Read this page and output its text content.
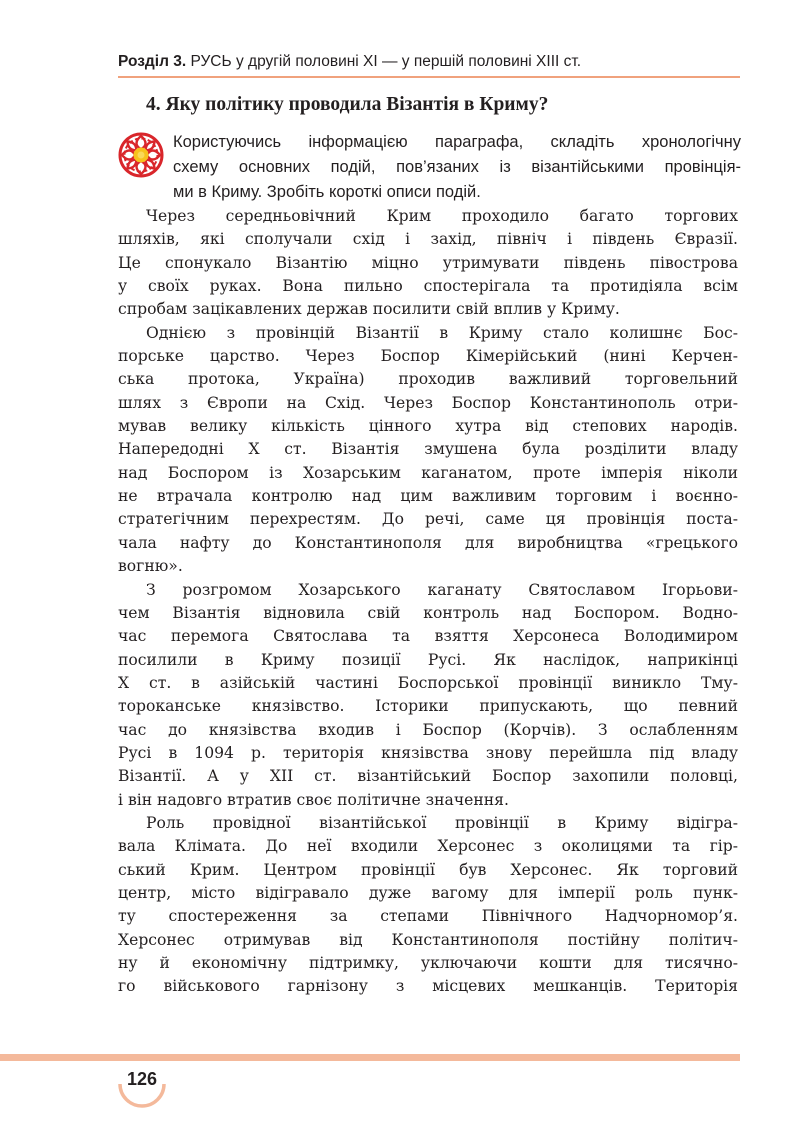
Розділ 3. РУСЬ у другій половині XI — у першій половині XIII ст.
4. Яку політику проводила Візантія в Криму?
Користуючись інформацією параграфа, складіть хронологічну
схему основних подій, пов’язаних із візантійськими провінція-
ми в Криму. Зробіть короткі описи подій.
Через середньовічний Крим проходило багато торгових
шляхів, які сполучали схід і захід, північ і південь Євразії.
Це спонукало Візантію міцно утримувати південь півострова
у своїх руках. Вона пильно спостерігала та протидіяла всім
спробам зацікавлених держав посилити свій вплив у Криму.
Однією з провінцій Візантії в Криму стало колишнє Бос-
порське царство. Через Боспор Кімерійський (нині Керчен-
ська протока, Україна) проходив важливий торговельний
шлях з Європи на Схід. Через Боспор Константинополь отри-
мував велику кількість цінного хутра від степових народів.
Напередодні Х ст. Візантія змушена була розділити владу
над Боспором із Хозарським каганатом, проте імперія ніколи
не втрачала контролю над цим важливим торговим і воєнно-
стратегічним перехрестям. До речі, саме ця провінція поста-
чала нафту до Константинополя для виробництва «грецького
вогню».
З розгромом Хозарського каганату Святославом Ігорьови-
чем Візантія відновила свій контроль над Боспором. Водно-
час перемога Святослава та взяття Херсонеса Володимиром
посилили в Криму позиції Русі. Як наслідок, наприкінці
Х ст. в азійській частині Боспорської провінції виникло Тму-
тороканське князівство. Історики припускають, що певний
час до князівства входив і Боспор (Корчів). З ослабленням
Русі в 1094 р. територія князівства знову перейшла під владу
Візантії. А у ХІІ ст. візантійський Боспор захопили половці,
і він надовго втратив своє політичне значення.
Роль провідної візантійської провінції в Криму відігра-
вала Клімата. До неї входили Херсонес з околицями та гір-
ський Крим. Центром провінції був Херсонес. Як торговий
центр, місто відігравало дуже вагому для імперії роль пунк-
ту спостереження за степами Північного Надчорномор’я.
Херсонес отримував від Константинополя постійну політич-
ну й економічну підтримку, уключаючи кошти для тисячно-
го військового гарнізону з місцевих мешканців. Територія
126
